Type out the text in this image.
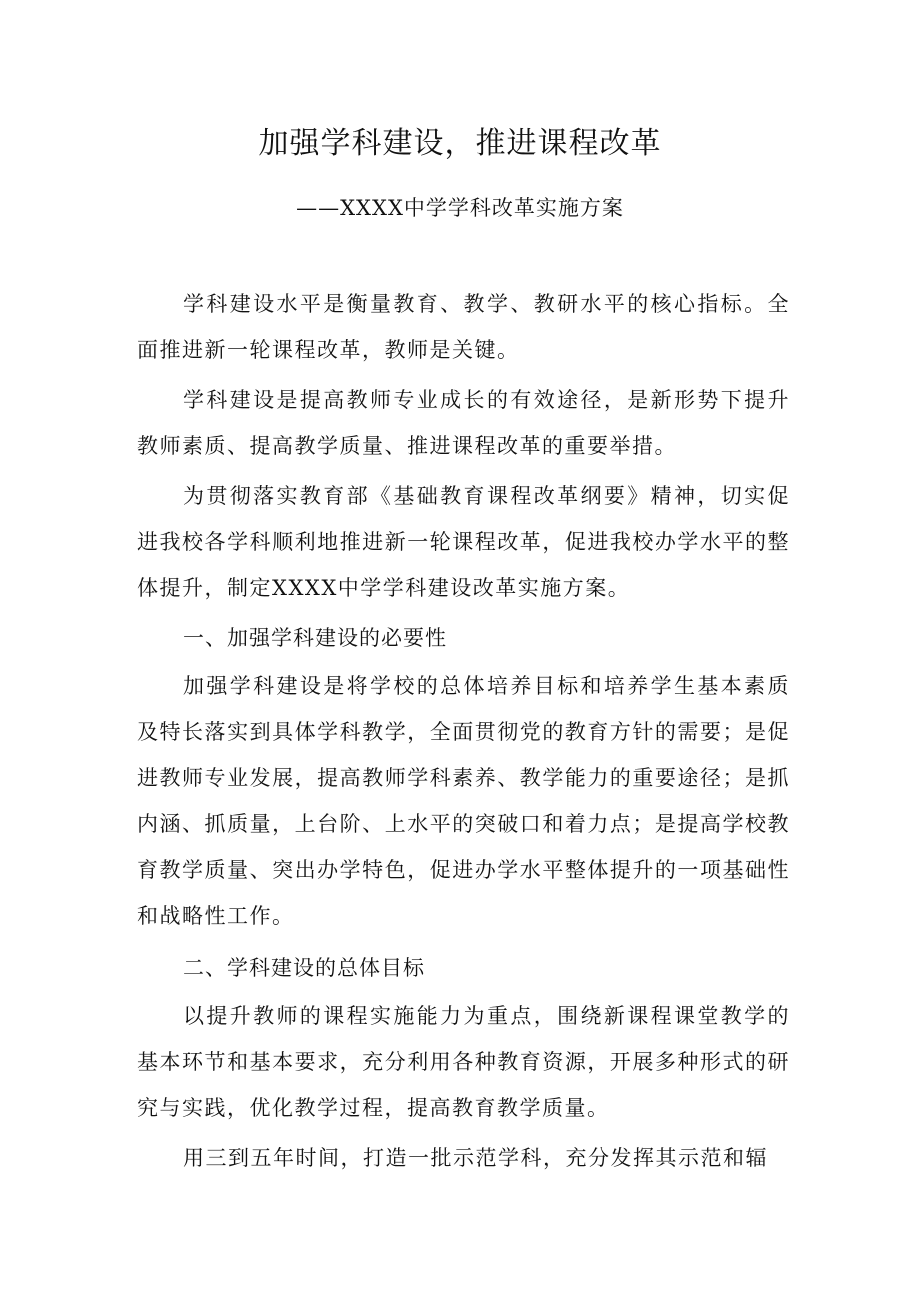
加强学科建设，推进课程改革

——XXXX中学学科改革实施方案

学科建设水平是衡量教育、教学、教研水平的核心指标。全面推进新一轮课程改革，教师是关键。

学科建设是提高教师专业成长的有效途径，是新形势下提升教师素质、提高教学质量、推进课程改革的重要举措。

为贯彻落实教育部《基础教育课程改革纲要》精神，切实促进我校各学科顺利地推进新一轮课程改革，促进我校办学水平的整体提升，制定XXXX中学学科建设改革实施方案。

一、加强学科建设的必要性

加强学科建设是将学校的总体培养目标和培养学生基本素质及特长落实到具体学科教学，全面贯彻党的教育方针的需要；是促进教师专业发展，提高教师学科素养、教学能力的重要途径；是抓内涵、抓质量，上台阶、上水平的突破口和着力点；是提高学校教育教学质量、突出办学特色，促进办学水平整体提升的一项基础性和战略性工作。

二、学科建设的总体目标

以提升教师的课程实施能力为重点，围绕新课程课堂教学的基本环节和基本要求，充分利用各种教育资源，开展多种形式的研究与实践，优化教学过程，提高教育教学质量。

用三到五年时间，打造一批示范学科，充分发挥其示范和辐
